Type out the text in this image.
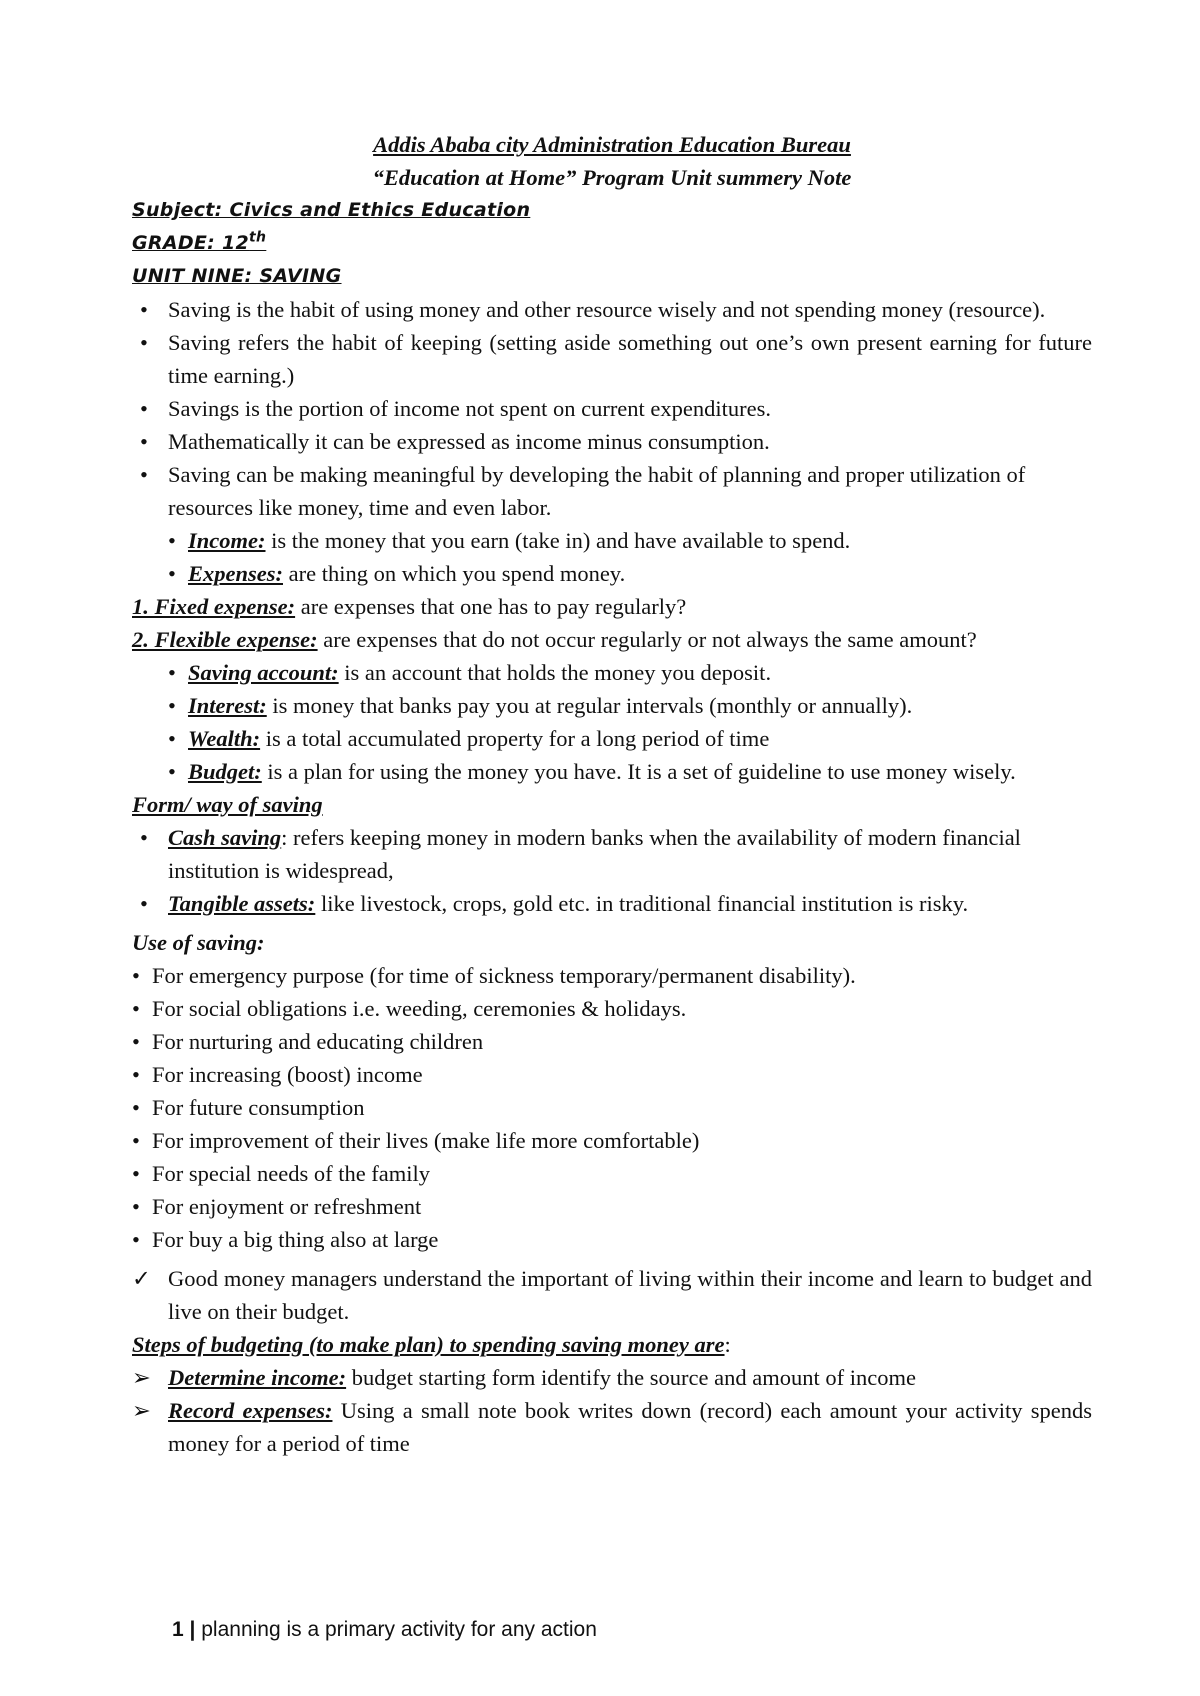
Addis Ababa city Administration Education Bureau

“Education at Home” Program Unit summery Note

Subject: Civics and Ethics Education

GRADE: 12th

UNIT NINE: SAVING

• Saving is the habit of using money and other resource wisely and not spending money (resource).

• Saving refers the habit of keeping (setting aside something out one’s own present earning for future time earning.)

• Savings is the portion of income not spent on current expenditures.

• Mathematically it can be expressed as income minus consumption.

• Saving can be making meaningful by developing the habit of planning and proper utilization of resources like money, time and even labor.

• Income: is the money that you earn (take in) and have available to spend.

• Expenses: are thing on which you spend money.

1. Fixed expense: are expenses that one has to pay regularly?

2. Flexible expense: are expenses that do not occur regularly or not always the same amount?

• Saving account: is an account that holds the money you deposit.

• Interest: is money that banks pay you at regular intervals (monthly or annually).

• Wealth: is a total accumulated property for a long period of time

• Budget: is a plan for using the money you have. It is a set of guideline to use money wisely.

Form/ way of saving

• Cash saving: refers keeping money in modern banks when the availability of modern financial institution is widespread,

• Tangible assets: like livestock, crops, gold etc. in traditional financial institution is risky.

Use of saving:

• For emergency purpose (for time of sickness temporary/permanent disability).

• For social obligations i.e. weeding, ceremonies & holidays.

• For nurturing and educating children

• For increasing (boost) income

• For future consumption

• For improvement of their lives (make life more comfortable)

• For special needs of the family

• For enjoyment or refreshment

• For buy a big thing also at large

✓ Good money managers understand the important of living within their income and learn to budget and live on their budget.

Steps of budgeting (to make plan) to spending saving money are:

➢ Determine income: budget starting form identify the source and amount of income

➢ Record expenses: Using a small note book writes down (record) each amount your activity spends money for a period of time

1 | planning is a primary activity for any action
